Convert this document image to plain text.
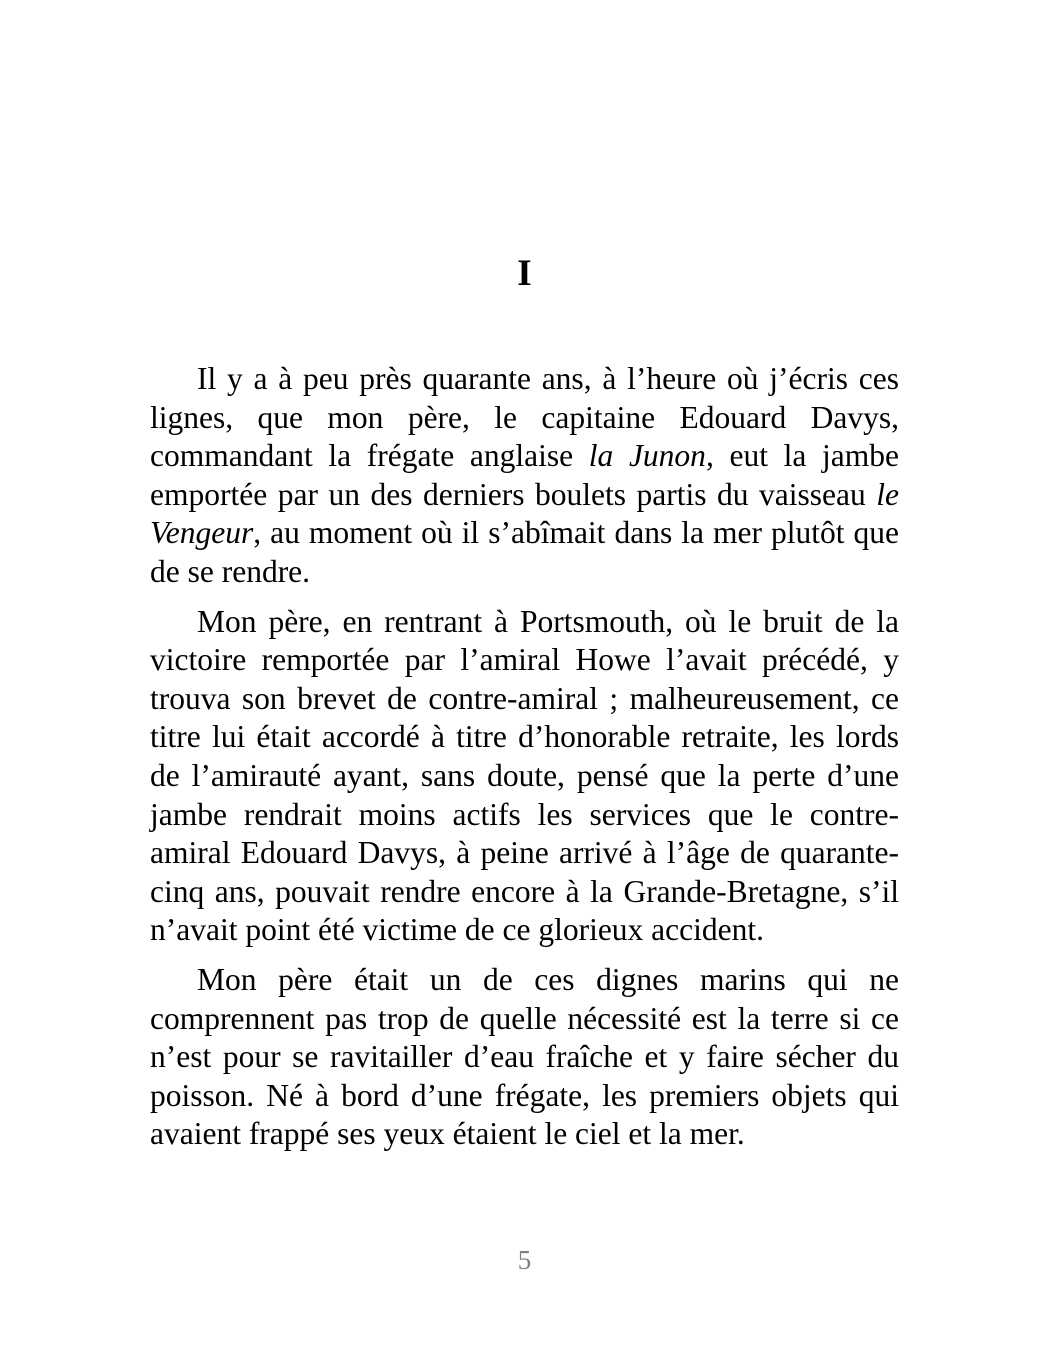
I

Il y a à peu près quarante ans, à l’heure où j’écris ces lignes, que mon père, le capitaine Edouard Davys, commandant la frégate anglaise la Junon, eut la jambe emportée par un des derniers boulets partis du vaisseau le Vengeur, au moment où il s’abîmait dans la mer plutôt que de se rendre.

Mon père, en rentrant à Portsmouth, où le bruit de la victoire remportée par l’amiral Howe l’avait précédé, y trouva son brevet de contre-amiral ; malheureusement, ce titre lui était accordé à titre d’honorable retraite, les lords de l’amirauté ayant, sans doute, pensé que la perte d’une jambe rendrait moins actifs les services que le contre-amiral Edouard Davys, à peine arrivé à l’âge de quarante-cinq ans, pouvait rendre encore à la Grande-Bretagne, s’il n’avait point été victime de ce glorieux accident.

Mon père était un de ces dignes marins qui ne comprennent pas trop de quelle nécessité est la terre si ce n’est pour se ravitailler d’eau fraîche et y faire sécher du poisson. Né à bord d’une frégate, les premiers objets qui avaient frappé ses yeux étaient le ciel et la mer.

5
